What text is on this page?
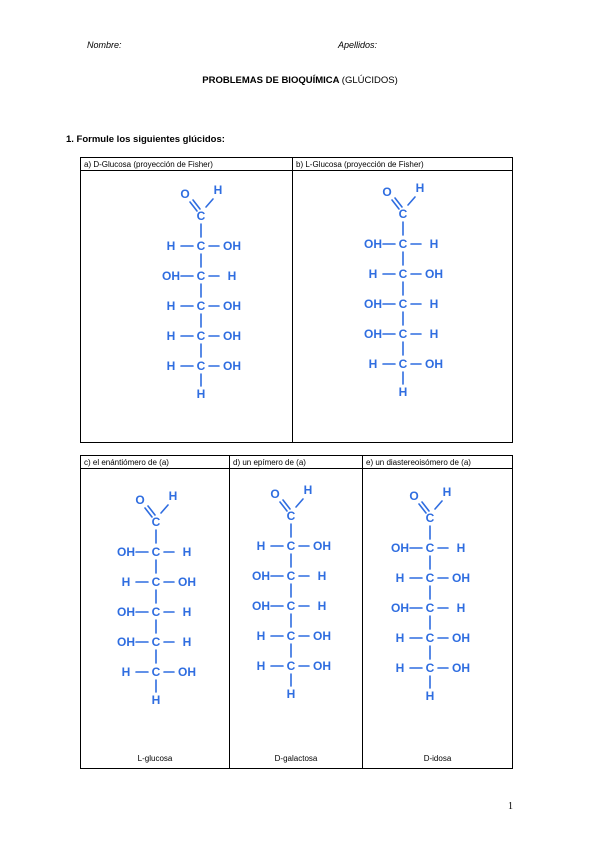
Nombre:	Apellidos:
PROBLEMAS DE BIOQUÍMICA (GLÚCIDOS)
1. Formule los siguientes glúcidos:
a) D-Glucosa (proyección de Fisher)
O H
C
H C OH
OH C H
H C OH
H C OH
H C OH
H
b) L-Glucosa (proyección de Fisher)
O H
C
OH C H
H C OH
OH C H
OH C H
H C OH
H
c) el enántiómero de (a)
O H
C
OH C H
H C OH
OH C H
OH C H
H C OH
H
L-glucosa
d) un epímero de (a)
O H
C
H C OH
OH C H
OH C H
H C OH
H C OH
H
D-galactosa
e) un diastereoisómero de (a)
O H
C
OH C H
H C OH
OH C H
H C OH
H C OH
H
D-idosa
1
